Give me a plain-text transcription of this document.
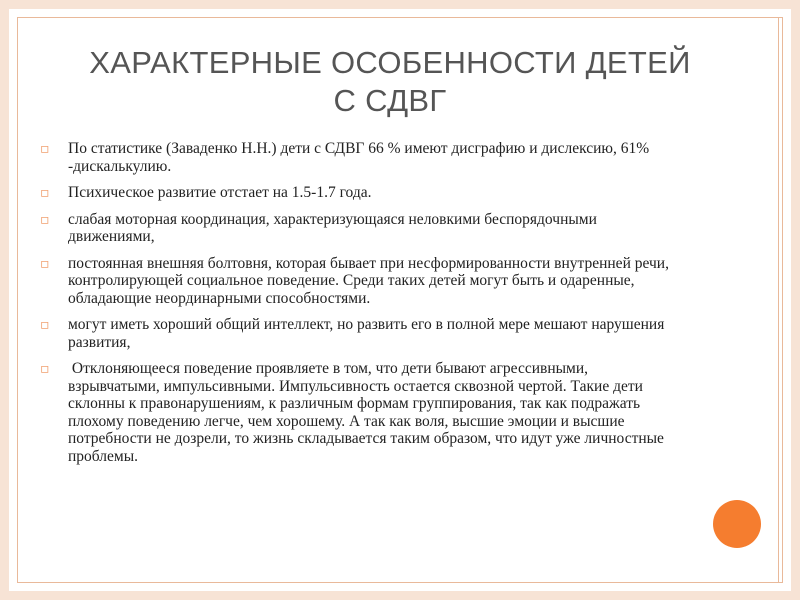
ХАРАКТЕРНЫЕ ОСОБЕННОСТИ ДЕТЕЙ
С СДВГ
▫ По статистике (Заваденко Н.Н.) дети с СДВГ 66 % имеют дисграфию и дислексию, 61% -дискалькулию.
▫ Психическое развитие отстает на 1.5-1.7 года.
▫ слабая моторная координация, характеризующаяся неловкими беспорядочными движениями,
▫ постоянная внешняя болтовня, которая бывает при несформированности внутренней речи, контролирующей социальное поведение. Среди таких детей могут быть и одаренные, обладающие неординарными способностями.
▫ могут иметь хороший общий интеллект, но развить его в полной мере мешают нарушения развития,
▫ Отклоняющееся поведение проявляете в том, что дети бывают агрессивными, взрывчатыми, импульсивными. Импульсивность остается сквозной чертой. Такие дети склонны к правонарушениям, к различным формам группирования, так как подражать плохому поведению легче, чем хорошему. А так как воля, высшие эмоции и высшие потребности не дозрели, то жизнь складывается таким образом, что идут уже личностные проблемы.
